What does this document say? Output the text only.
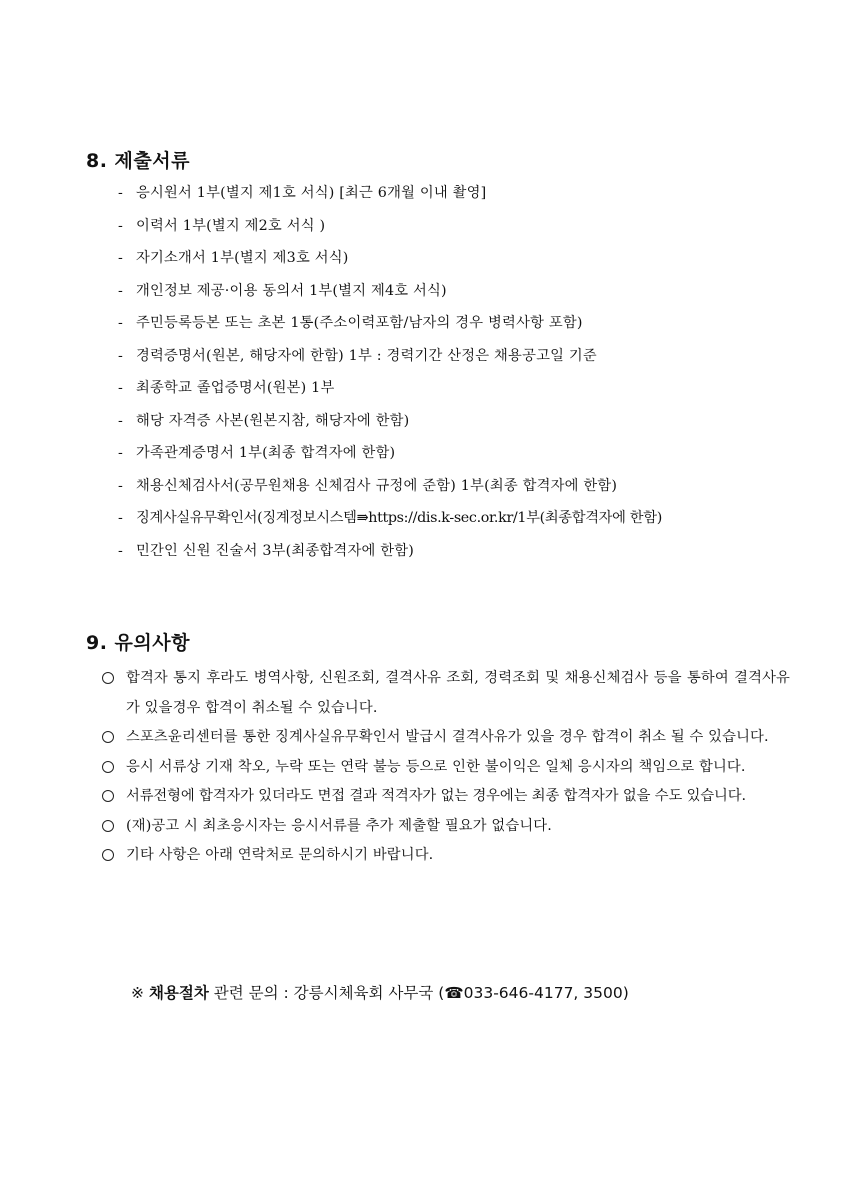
8. 제출서류
- 응시원서 1부(별지 제1호 서식) [최근 6개월 이내 촬영]
- 이력서 1부(별지 제2호 서식 )
- 자기소개서 1부(별지 제3호 서식)
- 개인정보 제공·이용 동의서 1부(별지 제4호 서식)
- 주민등록등본 또는 초본 1통(주소이력포함/남자의 경우 병력사항 포함)
- 경력증명서(원본, 해당자에 한함) 1부 : 경력기간 산정은 채용공고일 기준
- 최종학교 졸업증명서(원본) 1부
- 해당 자격증 사본(원본지참, 해당자에 한함)
- 가족관계증명서 1부(최종 합격자에 한함)
- 채용신체검사서(공무원채용 신체검사 규정에 준함) 1부(최종 합격자에 한함)
- 징계사실유무확인서(징계정보시스템⇛https://dis.k-sec.or.kr/1부(최종합격자에 한함)
- 민간인 신원 진술서 3부(최종합격자에 한함)
9. 유의사항
합격자 통지 후라도 병역사항, 신원조회, 결격사유 조회, 경력조회 및 채용신체검사 등을 통하여 결격사유가 있을경우 합격이 취소될 수 있습니다.
스포츠윤리센터를 통한 징계사실유무확인서 발급시 결격사유가 있을 경우 합격이 취소 될 수 있습니다.
응시 서류상 기재 착오, 누락 또는 연락 불능 등으로 인한 불이익은 일체 응시자의 책임으로 합니다.
서류전형에 합격자가 있더라도 면접 결과 적격자가 없는 경우에는 최종 합격자가 없을 수도 있습니다.
(재)공고 시 최초응시자는 응시서류를 추가 제출할 필요가 없습니다.
기타 사항은 아래 연락처로 문의하시기 바랍니다.
※ 채용절차 관련 문의 : 강릉시체육회 사무국 (☎033-646-4177, 3500)
